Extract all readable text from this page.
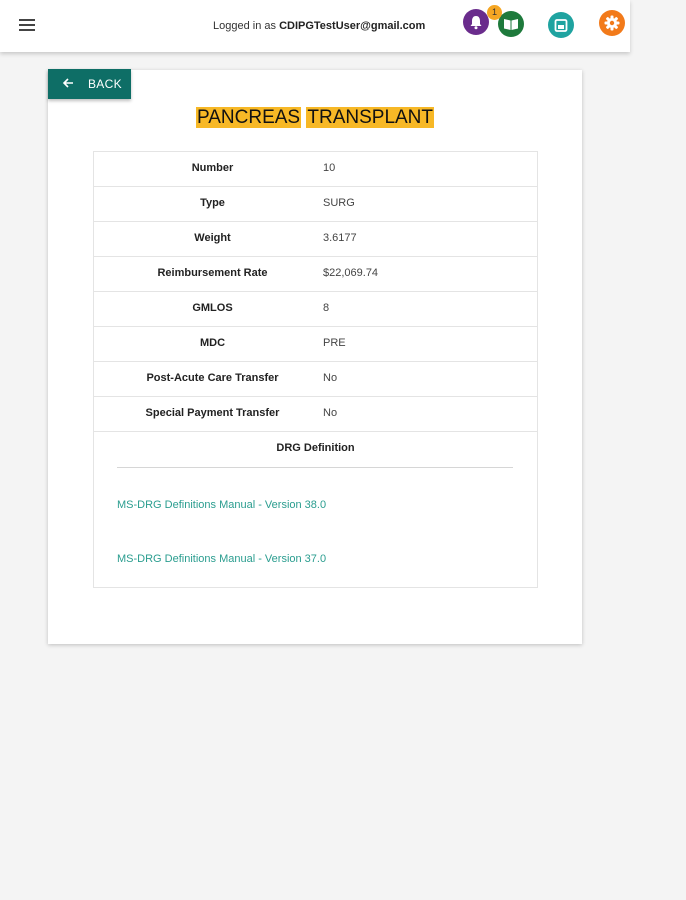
Logged in as CDIPGTestUser@gmail.com
1
BACK
PANCREAS TRANSPLANT
Number	10
Type	SURG
Weight	3.6177
Reimbursement Rate	$22,069.74
GMLOS	8
MDC	PRE
Post-Acute Care Transfer	No
Special Payment Transfer	No
DRG Definition
MS-DRG Definitions Manual - Version 38.0
MS-DRG Definitions Manual - Version 37.0
